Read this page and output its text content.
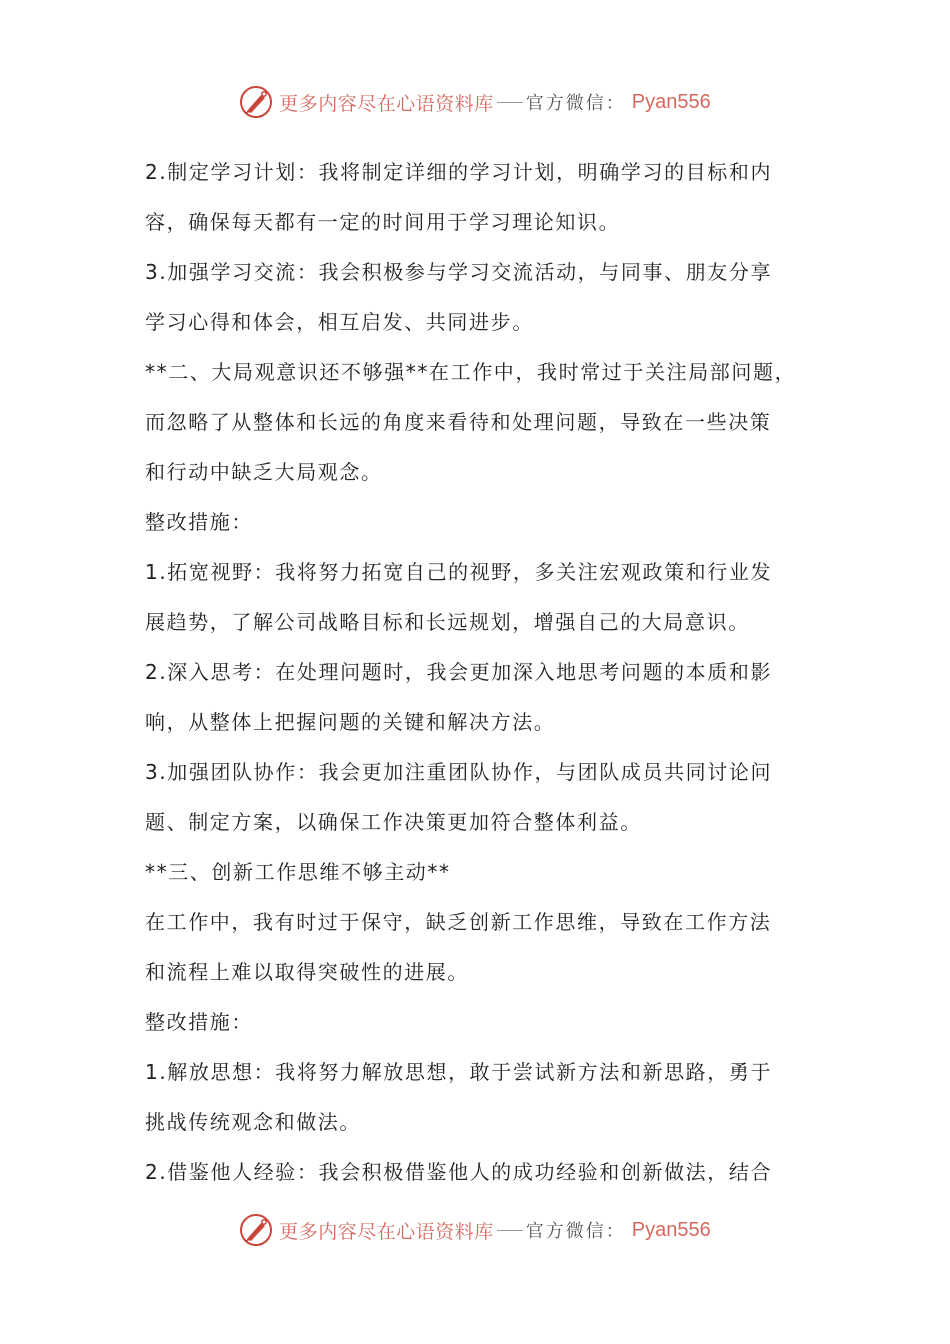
更多内容尽在心语资料库 官方微信： Pyan556

2.制定学习计划：我将制定详细的学习计划，明确学习的目标和内

容，确保每天都有一定的时间用于学习理论知识。

3.加强学习交流：我会积极参与学习交流活动，与同事、朋友分享

学习心得和体会，相互启发、共同进步。

**二、大局观意识还不够强**在工作中，我时常过于关注局部问题，

而忽略了从整体和长远的角度来看待和处理问题，导致在一些决策

和行动中缺乏大局观念。

整改措施：

1.拓宽视野：我将努力拓宽自己的视野，多关注宏观政策和行业发

展趋势，了解公司战略目标和长远规划，增强自己的大局意识。

2.深入思考：在处理问题时，我会更加深入地思考问题的本质和影

响，从整体上把握问题的关键和解决方法。

3.加强团队协作：我会更加注重团队协作，与团队成员共同讨论问

题、制定方案，以确保工作决策更加符合整体利益。

**三、创新工作思维不够主动**

在工作中，我有时过于保守，缺乏创新工作思维，导致在工作方法

和流程上难以取得突破性的进展。

整改措施：

1.解放思想：我将努力解放思想，敢于尝试新方法和新思路，勇于

挑战传统观念和做法。

2.借鉴他人经验：我会积极借鉴他人的成功经验和创新做法，结合

更多内容尽在心语资料库 官方微信： Pyan556
